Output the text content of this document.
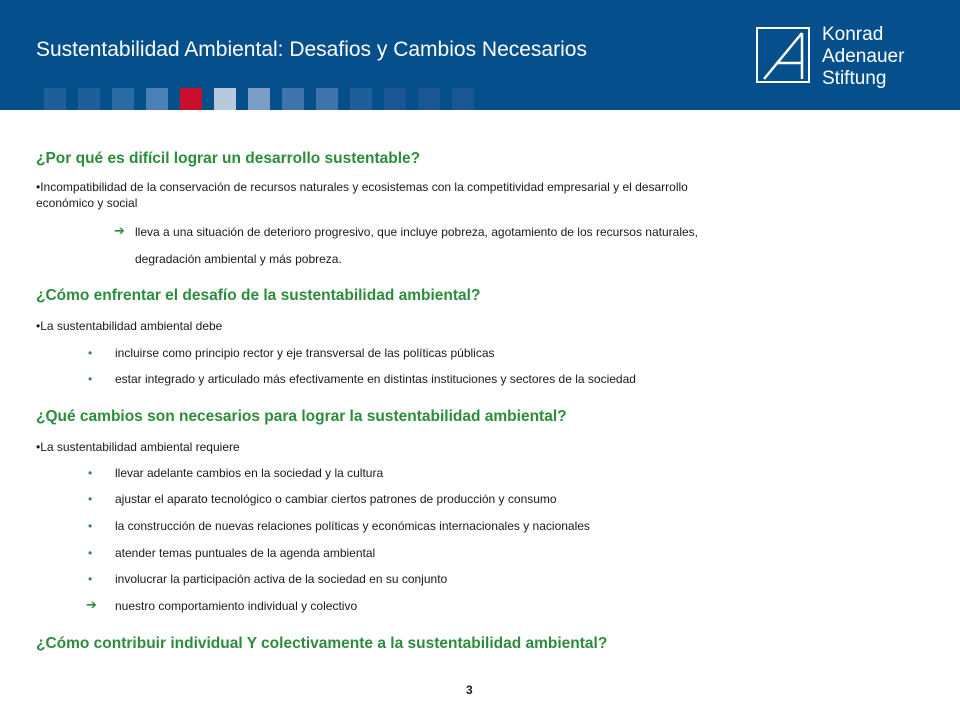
Sustentabilidad Ambiental: Desafios y Cambios Necesarios
Konrad
Adenauer
Stiftung
¿Por qué es difícil lograr un desarrollo sustentable?
•Incompatibilidad de la conservación de recursos naturales y ecosistemas con la competitividad empresarial y el desarrollo
económico y social
➔ lleva a una situación de deterioro progresivo, que incluye pobreza, agotamiento de los recursos naturales,
degradación ambiental y más pobreza.
¿Cómo enfrentar el desafío de la sustentabilidad ambiental?
•La sustentabilidad ambiental debe
• incluirse como principio rector y eje transversal de las políticas públicas
• estar integrado y articulado más efectivamente en distintas instituciones y sectores de la sociedad
¿Qué cambios son necesarios para lograr la sustentabilidad ambiental?
•La sustentabilidad ambiental requiere
• llevar adelante cambios en la sociedad y la cultura
• ajustar el aparato tecnológico o cambiar ciertos patrones de producción y consumo
• la construcción de nuevas relaciones políticas y económicas internacionales y nacionales
• atender temas puntuales de la agenda ambiental
• involucrar la participación activa de la sociedad en su conjunto
➔ nuestro comportamiento individual y colectivo
¿Cómo contribuir individual Y colectivamente a la sustentabilidad ambiental?
3
